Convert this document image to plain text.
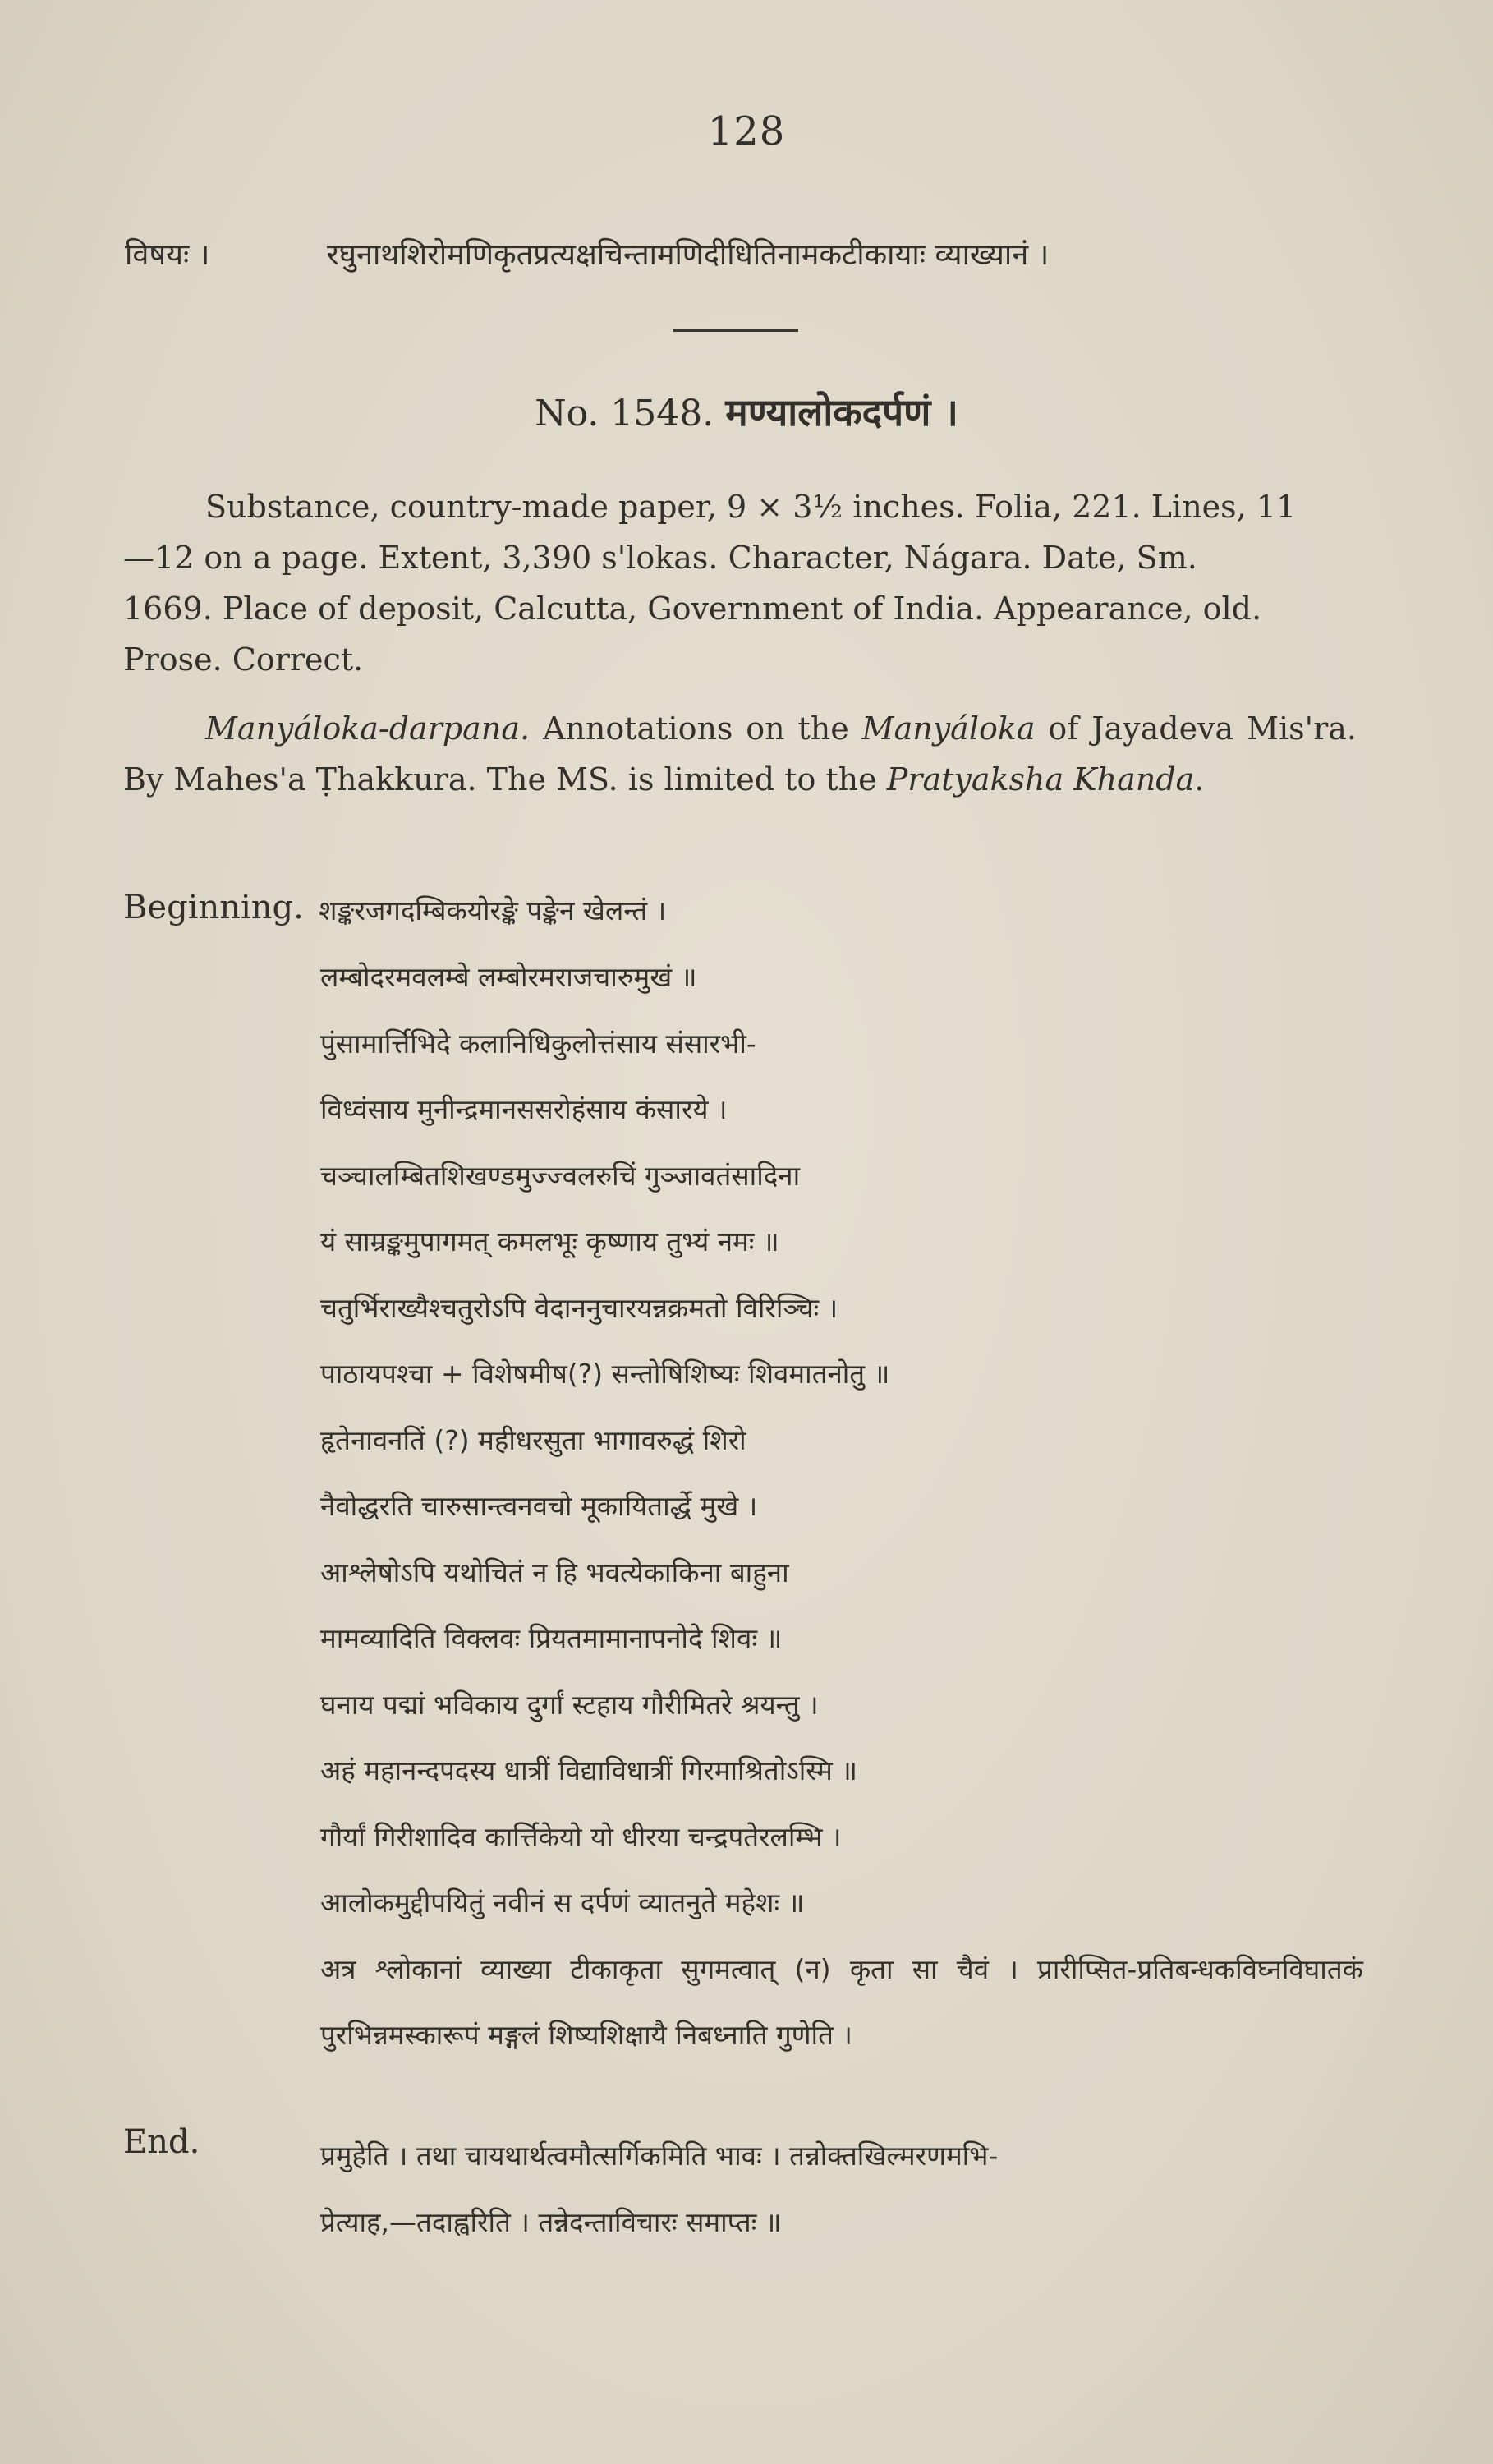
128
विषयः ।	रघुनाथशिरोमणिकृतप्रत्यक्षचिन्तामणिदीधितिनामकटीकायाः व्याख्यानं ।
No. 1548. मण्यालोकदर्पणं ।

Substance, country-made paper, 9 × 3½ inches. Folia, 221. Lines, 11

—12 on a page. Extent, 3,390 s'lokas. Character, Nágara. Date, Sm.

1669. Place of deposit, Calcutta, Government of India. Appearance, old.

Prose. Correct.

Manyáloka-darpana. Annotations on the Manyáloka of Jayadeva Mis'ra. By Mahes'a Ṭhakkura. The MS. is limited to the Pratyaksha Khanda.

Beginning. शङ्करजगदम्बिकयोरङ्के पङ्केन खेलन्तं ।
लम्बोदरमवलम्बे लम्बोरमराजचारुमुखं ॥
पुंसामार्त्तिभिदे कलानिधिकुलोत्तंसाय संसारभी-
विध्वंसाय मुनीन्द्रमानससरोहंसाय कंसारये ।
चञ्चालम्बितशिखण्डमुज्ज्वलरुचिं गुञ्जावतंसादिना
यं साम्रङ्कमुपागमत् कमलभूः कृष्णाय तुभ्यं नमः ॥
चतुर्भिराख्यैश्चतुरोऽपि वेदाननुचारयन्नक्रमतो विरिञ्चिः ।
पाठायपश्चा + विशेषमीष(?) सन्तोषिशिष्यः शिवमातनोतु ॥
हृतेनावनतिं (?) महीधरसुता भागावरुद्धं शिरो
नैवोद्धरति चारुसान्त्वनवचो मूकायितार्द्धे मुखे ।
आश्लेषोऽपि यथोचितं न हि भवत्येकाकिना बाहुना
मामव्यादिति विक्लवः प्रियतमामानापनोदे शिवः ॥
घनाय पद्मां भविकाय दुर्गां स्टहाय गौरीमितरे श्रयन्तु ।
अहं महानन्दपदस्य धात्रीं विद्याविधात्रीं गिरमाश्रितोऽस्मि ॥
गौर्यां गिरीशादिव कार्त्तिकेयो यो धीरया चन्द्रपतेरलम्भि ।
आलोकमुद्दीपयितुं नवीनं स दर्पणं व्यातनुते महेशः ॥
अत्र श्लोकानां व्याख्या टीकाकृता सुगमत्वात् (न) कृता सा चैवं । प्रारीप्सित-प्रतिबन्धकविघ्नविघातकं पुरभिन्नमस्कारूपं मङ्गलं शिष्यशिक्षायै निबध्नाति गुणेति ।
End.	प्रमुहेति । तथा चायथार्थत्वमौत्सर्गिकमिति भावः । तन्नोक्तखिल्मरणमभि-
प्रेत्याह,—तदाह्वरिति । तन्नेदन्ताविचारः समाप्तः ॥
